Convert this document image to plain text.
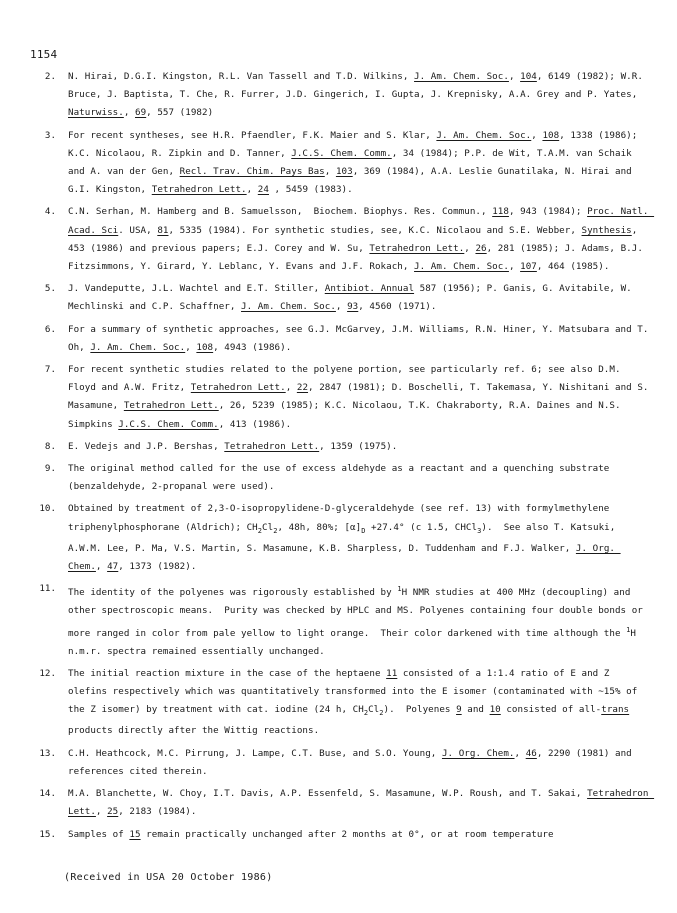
1154
2.	N. Hirai, D.G.I. Kingston, R.L. Van Tassell and T.D. Wilkins, J. Am. Chem. Soc., 104, 6149 (1982); W.R. Bruce, J. Baptista, T. Che, R. Furrer, J.D. Gingerich, I. Gupta, J. Krepnisky, A.A. Grey and P. Yates, Naturwiss., 69, 557 (1982)
3.	For recent syntheses, see H.R. Pfaendler, F.K. Maier and S. Klar, J. Am. Chem. Soc., 108, 1338 (1986); K.C. Nicolaou, R. Zipkin and D. Tanner, J.C.S. Chem. Comm., 34 (1984); P.P. de Wit, T.A.M. van Schaik and A. van der Gen, Recl. Trav. Chim. Pays Bas, 103, 369 (1984), A.A. Leslie Gunatilaka, N. Hirai and G.I. Kingston, Tetrahedron Lett., 24 , 5459 (1983).
4.	C.N. Serhan, M. Hamberg and B. Samuelsson,  Biochem. Biophys. Res. Commun., 118, 943 (1984); Proc. Natl. Acad. Sci. USA, 81, 5335 (1984). For synthetic studies, see, K.C. Nicolaou and S.E. Webber, Synthesis, 453 (1986) and previous papers; E.J. Corey and W. Su, Tetrahedron Lett., 26, 281 (1985); J. Adams, B.J. Fitzsimmons, Y. Girard, Y. Leblanc, Y. Evans and J.F. Rokach, J. Am. Chem. Soc., 107, 464 (1985).
5.	J. Vandeputte, J.L. Wachtel and E.T. Stiller, Antibiot. Annual 587 (1956); P. Ganis, G. Avitabile, W. Mechlinski and C.P. Schaffner, J. Am. Chem. Soc., 93, 4560 (1971).
6.	For a summary of synthetic approaches, see G.J. McGarvey, J.M. Williams, R.N. Hiner, Y. Matsubara and T. Oh, J. Am. Chem. Soc., 108, 4943 (1986).
7.	For recent synthetic studies related to the polyene portion, see particularly ref. 6; see also D.M. Floyd and A.W. Fritz, Tetrahedron Lett., 22, 2847 (1981); D. Boschelli, T. Takemasa, Y. Nishitani and S. Masamune, Tetrahedron Lett., 26, 5239 (1985); K.C. Nicolaou, T.K. Chakraborty, R.A. Daines and N.S. Simpkins J.C.S. Chem. Comm., 413 (1986).
8.	E. Vedejs and J.P. Bershas, Tetrahedron Lett., 1359 (1975).
9.	The original method called for the use of excess aldehyde as a reactant and a quenching substrate (benzaldehyde, 2-propanal were used).
10.	Obtained by treatment of 2,3-O-isopropylidene-D-glyceraldehyde (see ref. 13) with formylmethylene triphenylphosphorane (Aldrich); $CH_2Cl_2$, 48h, 80%; $[\alpha]_D +27.4^\circ$ (c 1.5, CHCl$_3$).  See also T. Katsuki, A.W.M. Lee, P. Ma, V.S. Martin, S. Masamune, K.B. Sharpless, D. Tuddenham and F.J. Walker, J. Org. Chem., 47, 1373 (1982).
11.	The identity of the polyenes was rigorously established by $^1$H NMR studies at 400 MHz (decoupling) and other spectroscopic means.  Purity was checked by HPLC and MS. Polyenes containing four double bonds or more ranged in color from pale yellow to light orange.  Their color darkened with time although the $^1$H n.m.r. spectra remained essentially unchanged.
12.	The initial reaction mixture in the case of the heptaene 11 consisted of a 1:1.4 ratio of E and Z olefins respectively which was quantitatively transformed into the E isomer (contaminated with ~15% of the Z isomer) by treatment with cat. iodine (24 h, $CH_2Cl_2$).  Polyenes 9 and 10 consisted of all-trans products directly after the Wittig reactions.
13.	C.H. Heathcock, M.C. Pirrung, J. Lampe, C.T. Buse, and S.O. Young, J. Org. Chem., 46, 2290 (1981) and references cited therein.
14.	M.A. Blanchette, W. Choy, I.T. Davis, A.P. Essenfeld, S. Masamune, W.P. Roush, and T. Sakai, Tetrahedron Lett., 25, 2183 (1984).
15.	Samples of 15 remain practically unchanged after 2 months at 0°, or at room temperature
(Received in USA 20 October 1986)
